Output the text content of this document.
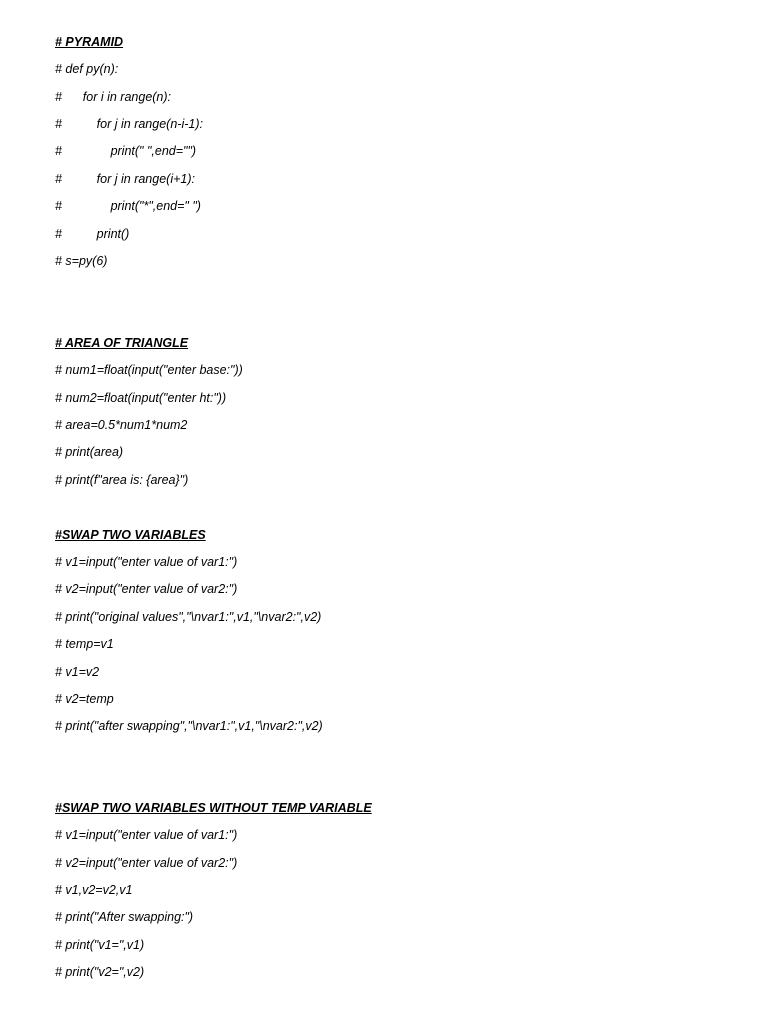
# PYRAMID
# def py(n):
#      for i in range(n):
#          for j in range(n-i-1):
#              print(" ",end="")
#          for j in range(i+1):
#              print("*",end=" ")
#          print()
# s=py(6)
# AREA OF TRIANGLE
# num1=float(input("enter base:"))
# num2=float(input("enter ht:"))
# area=0.5*num1*num2
# print(area)
# print(f"area is: {area}")
#SWAP TWO VARIABLES
# v1=input("enter value of var1:")
# v2=input("enter value of var2:")
# print("original values","\nvar1:",v1,"\nvar2:",v2)
# temp=v1
# v1=v2
# v2=temp
# print("after swapping","\nvar1:",v1,"\nvar2:",v2)
#SWAP TWO VARIABLES WITHOUT TEMP VARIABLE
# v1=input("enter value of var1:")
# v2=input("enter value of var2:")
# v1,v2=v2,v1
# print("After swapping:")
# print("v1=",v1)
# print("v2=",v2)
